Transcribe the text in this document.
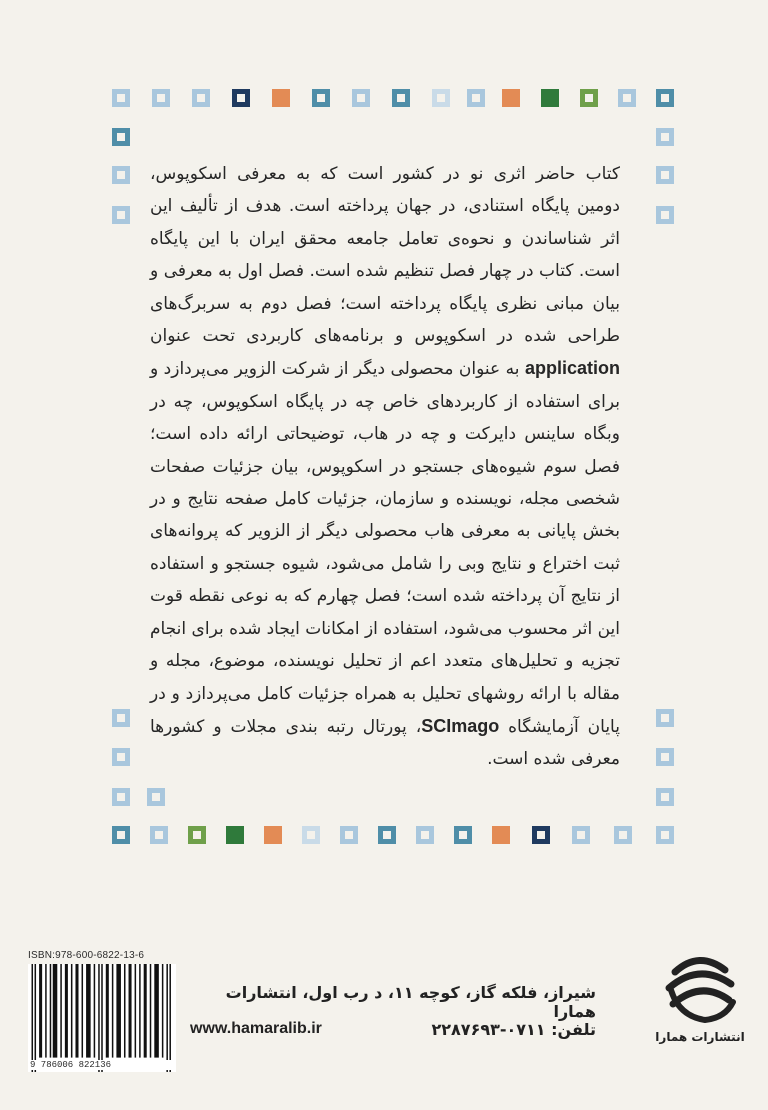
کتاب حاضر اثری نو در کشور است که به معرفی اسکوپوس، دومین پایگاه استنادی، در جهان پرداخته است. هدف از تألیف این اثر شناساندن و نحوه‌ی تعامل جامعه محقق ایران با این پایگاه است. کتاب در چهار فصل تنظیم شده است. فصل اول به معرفی و بیان مبانی نظری پایگاه پرداخته است؛ فصل دوم به سربرگ‌های طراحی شده در اسکوپوس و برنامه‌های کاربردی تحت عنوان application به عنوان محصولی دیگر از شرکت الزویر می‌پردازد و برای استفاده از کاربردهای خاص چه در پایگاه اسکوپوس، چه در وبگاه ساینس دایرکت و چه در هاب، توضیحاتی ارائه داده است؛ فصل سوم شیوه‌های جستجو در اسکوپوس، بیان جزئیات صفحات شخصی مجله، نویسنده و سازمان، جزئیات کامل صفحه نتایج و در بخش پایانی به معرفی هاب محصولی دیگر از الزویر که پروانه‌های ثبت اختراع و نتایج وبی را شامل می‌شود، شیوه جستجو و استفاده از نتایج آن پرداخته شده است؛ فصل چهارم که به نوعی نقطه قوت این اثر محسوب می‌شود، استفاده از امکانات ایجاد شده برای انجام تجزیه و تحلیل‌های متعدد اعم از تحلیل نویسنده، موضوع، مجله و مقاله با ارائه روشهای تحلیل به همراه جزئیات کامل می‌پردازد و در پایان آزمایشگاه SCImago، پورتال رتبه بندی مجلات و کشورها معرفی شده است.
ISBN:978-600-6822-13-6
9 786006 822136
شیراز، فلکه گاز، کوچه ۱۱، د رب اول، انتشارات همارا
تلفن: ۰۷۱۱-۲۲۸۷۶۹۳
www.hamaralib.ir	انتشارات همارا
